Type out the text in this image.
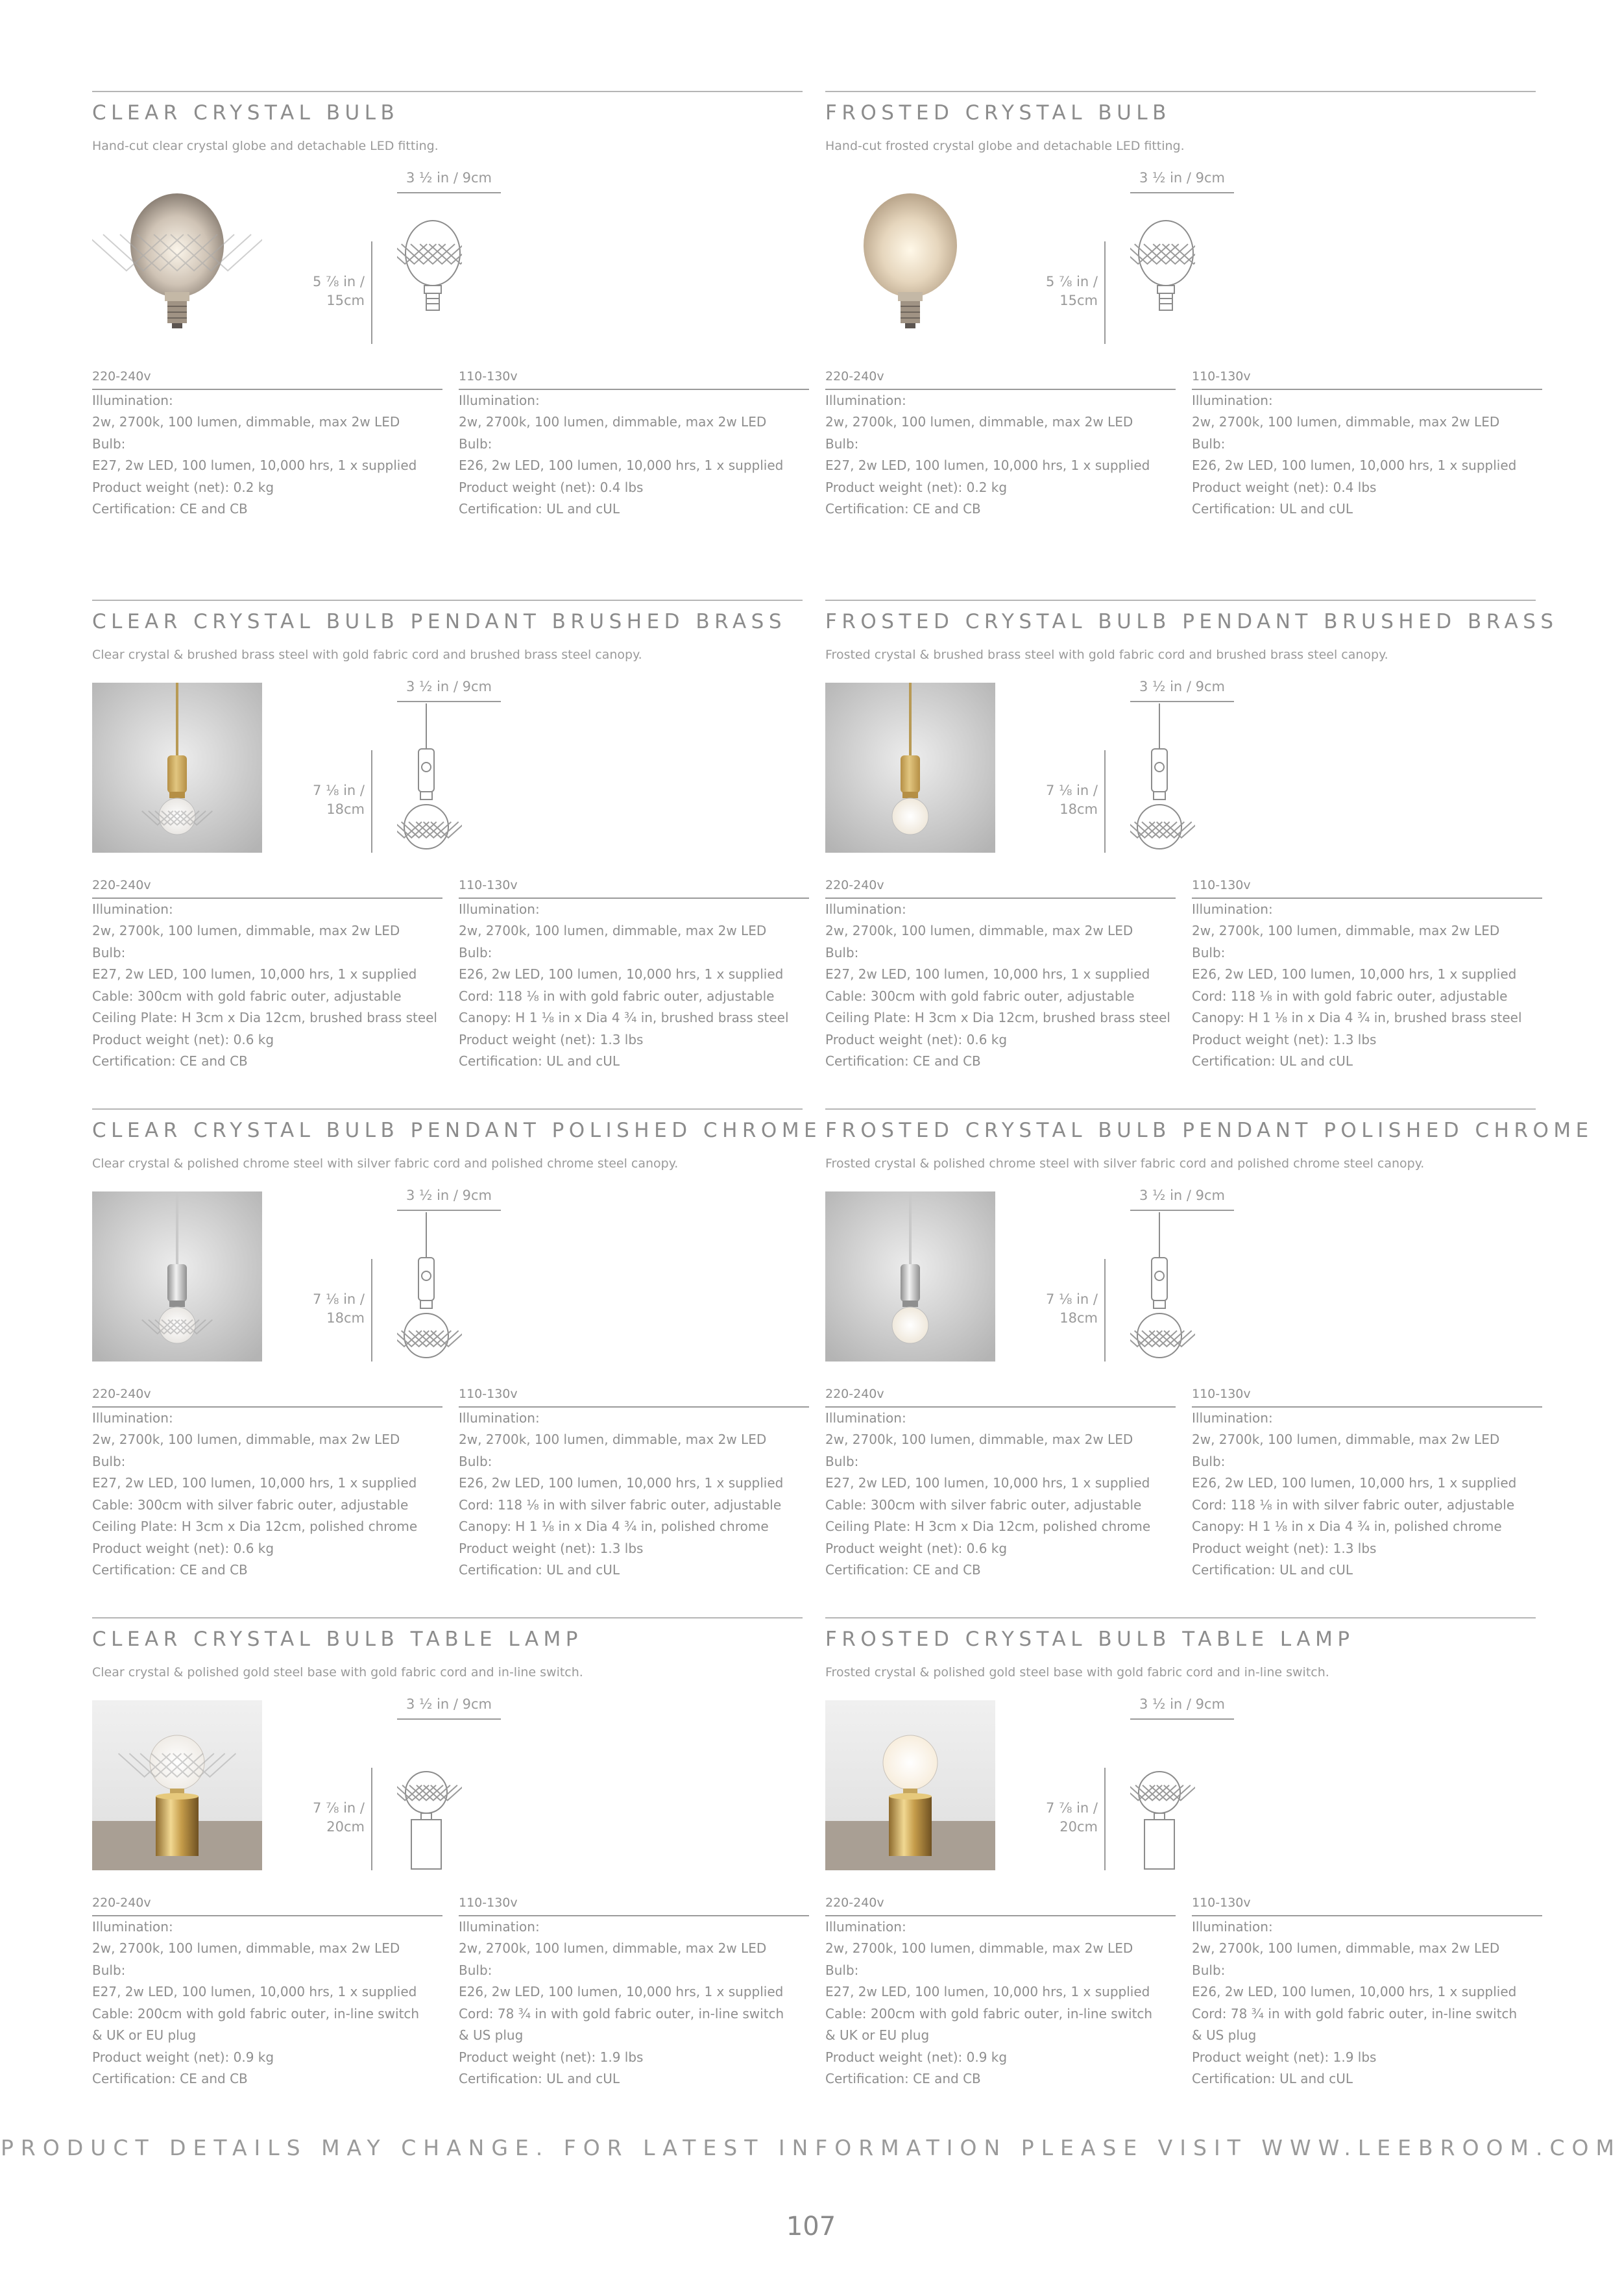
CLEAR CRYSTAL BULB
Hand-cut clear crystal globe and detachable LED fitting.
5 ⅞ in /
15cm
3 ½ in / 9cm
220-240v
Illumination:
2w, 2700k, 100 lumen, dimmable, max 2w LED
Bulb:
E27, 2w LED, 100 lumen, 10,000 hrs, 1 x supplied
Product weight (net): 0.2 kg
Certification: CE and CB
110-130v
Illumination:
2w, 2700k, 100 lumen, dimmable, max 2w LED
Bulb:
E26, 2w LED, 100 lumen, 10,000 hrs, 1 x supplied
Product weight (net): 0.4 lbs
Certification: UL and cUL
FROSTED CRYSTAL BULB
Hand-cut frosted crystal globe and detachable LED fitting.
5 ⅞ in /
15cm
3 ½ in / 9cm
220-240v
Illumination:
2w, 2700k, 100 lumen, dimmable, max 2w LED
Bulb:
E27, 2w LED, 100 lumen, 10,000 hrs, 1 x supplied
Product weight (net): 0.2 kg
Certification: CE and CB
110-130v
Illumination:
2w, 2700k, 100 lumen, dimmable, max 2w LED
Bulb:
E26, 2w LED, 100 lumen, 10,000 hrs, 1 x supplied
Product weight (net): 0.4 lbs
Certification: UL and cUL
CLEAR CRYSTAL BULB PENDANT BRUSHED BRASS
Clear crystal & brushed brass steel with gold fabric cord and brushed brass steel canopy.
7 ⅛ in /
18cm
3 ½ in / 9cm
220-240v
Illumination:
2w, 2700k, 100 lumen, dimmable, max 2w LED
Bulb:
E27, 2w LED, 100 lumen, 10,000 hrs, 1 x supplied
Cable: 300cm with gold fabric outer, adjustable
Ceiling Plate: H 3cm x Dia 12cm, brushed brass steel
Product weight (net): 0.6 kg
Certification: CE and CB
110-130v
Illumination:
2w, 2700k, 100 lumen, dimmable, max 2w LED
Bulb:
E26, 2w LED, 100 lumen, 10,000 hrs, 1 x supplied
Cord: 118 ⅛ in with gold fabric outer, adjustable
Canopy: H 1 ⅛ in x Dia 4 ¾ in, brushed brass steel
Product weight (net): 1.3 lbs
Certification: UL and cUL
FROSTED CRYSTAL BULB PENDANT BRUSHED BRASS
Frosted crystal & brushed brass steel with gold fabric cord and brushed brass steel canopy.
7 ⅛ in /
18cm
3 ½ in / 9cm
220-240v
Illumination:
2w, 2700k, 100 lumen, dimmable, max 2w LED
Bulb:
E27, 2w LED, 100 lumen, 10,000 hrs, 1 x supplied
Cable: 300cm with gold fabric outer, adjustable
Ceiling Plate: H 3cm x Dia 12cm, brushed brass steel
Product weight (net): 0.6 kg
Certification: CE and CB
110-130v
Illumination:
2w, 2700k, 100 lumen, dimmable, max 2w LED
Bulb:
E26, 2w LED, 100 lumen, 10,000 hrs, 1 x supplied
Cord: 118 ⅛ in with gold fabric outer, adjustable
Canopy: H 1 ⅛ in x Dia 4 ¾ in, brushed brass steel
Product weight (net): 1.3 lbs
Certification: UL and cUL
CLEAR CRYSTAL BULB PENDANT POLISHED CHROME
Clear crystal & polished chrome steel with silver fabric cord and polished chrome steel canopy.
7 ⅛ in /
18cm
3 ½ in / 9cm
220-240v
Illumination:
2w, 2700k, 100 lumen, dimmable, max 2w LED
Bulb:
E27, 2w LED, 100 lumen, 10,000 hrs, 1 x supplied
Cable: 300cm with silver fabric outer, adjustable
Ceiling Plate: H 3cm x Dia 12cm, polished chrome
Product weight (net): 0.6 kg
Certification: CE and CB
110-130v
Illumination:
2w, 2700k, 100 lumen, dimmable, max 2w LED
Bulb:
E26, 2w LED, 100 lumen, 10,000 hrs, 1 x supplied
Cord: 118 ⅛ in with silver fabric outer, adjustable
Canopy: H 1 ⅛ in x Dia 4 ¾ in, polished chrome
Product weight (net): 1.3 lbs
Certification: UL and cUL
FROSTED CRYSTAL BULB PENDANT POLISHED CHROME
Frosted crystal & polished chrome steel with silver fabric cord and polished chrome steel canopy.
7 ⅛ in /
18cm
3 ½ in / 9cm
220-240v
Illumination:
2w, 2700k, 100 lumen, dimmable, max 2w LED
Bulb:
E27, 2w LED, 100 lumen, 10,000 hrs, 1 x supplied
Cable: 300cm with silver fabric outer, adjustable
Ceiling Plate: H 3cm x Dia 12cm, polished chrome
Product weight (net): 0.6 kg
Certification: CE and CB
110-130v
Illumination:
2w, 2700k, 100 lumen, dimmable, max 2w LED
Bulb:
E26, 2w LED, 100 lumen, 10,000 hrs, 1 x supplied
Cord: 118 ⅛ in with silver fabric outer, adjustable
Canopy: H 1 ⅛ in x Dia 4 ¾ in, polished chrome
Product weight (net): 1.3 lbs
Certification: UL and cUL
CLEAR CRYSTAL BULB TABLE LAMP
Clear crystal & polished gold steel base with gold fabric cord and in-line switch.
7 ⅞ in /
20cm
3 ½ in / 9cm
220-240v
Illumination:
2w, 2700k, 100 lumen, dimmable, max 2w LED
Bulb:
E27, 2w LED, 100 lumen, 10,000 hrs, 1 x supplied
Cable: 200cm with gold fabric outer, in-line switch
& UK or EU plug
Product weight (net): 0.9 kg
Certification: CE and CB
110-130v
Illumination:
2w, 2700k, 100 lumen, dimmable, max 2w LED
Bulb:
E26, 2w LED, 100 lumen, 10,000 hrs, 1 x supplied
Cord: 78 ¾ in with gold fabric outer, in-line switch
& US plug
Product weight (net): 1.9 lbs
Certification: UL and cUL
FROSTED CRYSTAL BULB TABLE LAMP
Frosted crystal & polished gold steel base with gold fabric cord and in-line switch.
7 ⅞ in /
20cm
3 ½ in / 9cm
220-240v
Illumination:
2w, 2700k, 100 lumen, dimmable, max 2w LED
Bulb:
E27, 2w LED, 100 lumen, 10,000 hrs, 1 x supplied
Cable: 200cm with gold fabric outer, in-line switch
& UK or EU plug
Product weight (net): 0.9 kg
Certification: CE and CB
110-130v
Illumination:
2w, 2700k, 100 lumen, dimmable, max 2w LED
Bulb:
E26, 2w LED, 100 lumen, 10,000 hrs, 1 x supplied
Cord: 78 ¾ in with gold fabric outer, in-line switch
& US plug
Product weight (net): 1.9 lbs
Certification: UL and cUL
PRODUCT DETAILS MAY CHANGE. FOR LATEST INFORMATION PLEASE VISIT WWW.LEEBROOM.COM
107
